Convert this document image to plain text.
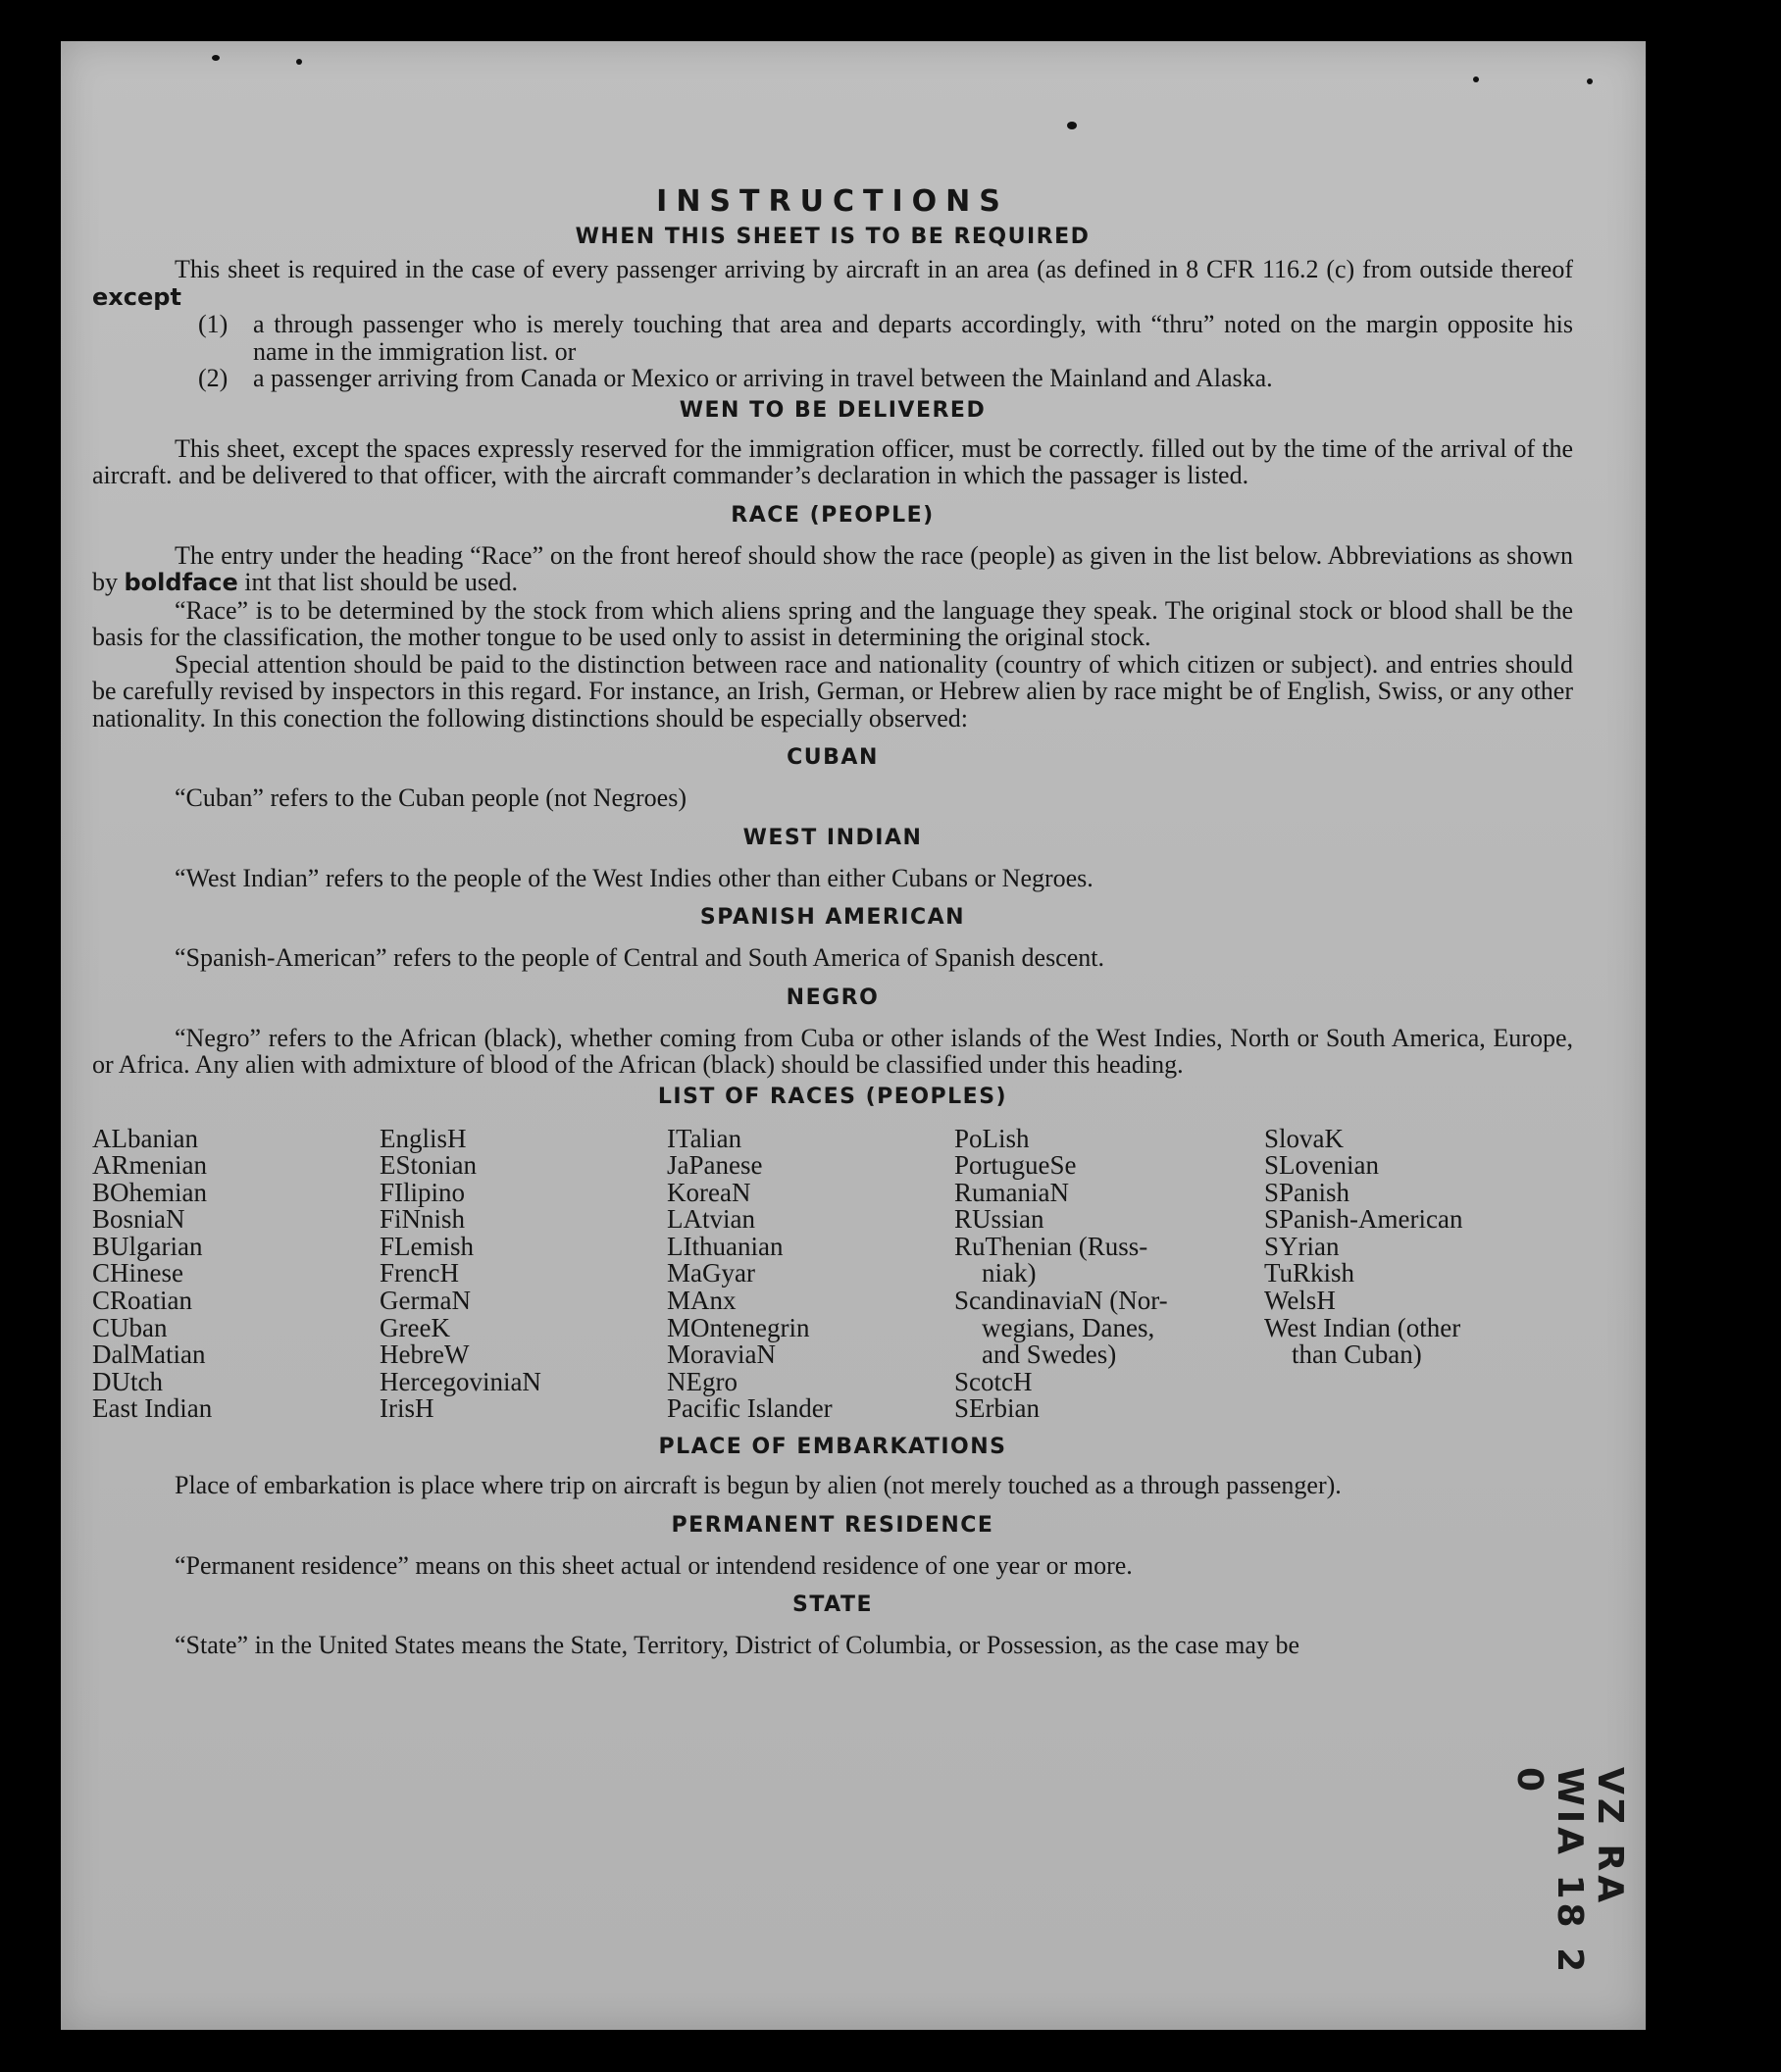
INSTRUCTIONS
WHEN THIS SHEET IS TO BE REQUIRED

This sheet is required in the case of every passenger arriving by aircraft in an area (as defined in 8 CFR 116.2 (c) from outside thereof except

(1) a through passenger who is merely touching that area and departs accordingly, with “thru” noted on the margin opposite his name in the immigration list. or
(2) a passenger arriving from Canada or Mexico or arriving in travel between the Mainland and Alaska.
WEN TO BE DELIVERED

This sheet, except the spaces expressly reserved for the immigration officer, must be correctly. filled out by the time of the arrival of the aircraft. and be delivered to that officer, with the aircraft commander’s declaration in which the passager is listed.

RACE (PEOPLE)

The entry under the heading “Race” on the front hereof should show the race (people) as given in the list below. Abbreviations as shown by boldface int that list should be used.

“Race” is to be determined by the stock from which aliens spring and the language they speak. The original stock or blood shall be the basis for the classification, the mother tongue to be used only to assist in determining the original stock.

Special attention should be paid to the distinction between race and nationality (country of which citizen or subject). and entries should be carefully revised by inspectors in this regard. For instance, an Irish, German, or Hebrew alien by race might be of English, Swiss, or any other nationality. In this conection the following distinctions should be especially observed:

CUBAN

“Cuban” refers to the Cuban people (not Negroes)

WEST INDIAN

“West Indian” refers to the people of the West Indies other than either Cubans or Negroes.

SPANISH AMERICAN

“Spanish-American” refers to the people of Central and South America of Spanish descent.

NEGRO

“Negro” refers to the African (black), whether coming from Cuba or other islands of the West Indies, North or South America, Europe, or Africa. Any alien with admixture of blood of the African (black) should be classified under this heading.

LIST OF RACES (PEOPLES)
ALbanian
ARmenian
BOhemian
BosniaN
BUlgarian
CHinese
CRoatian
CUban
DalMatian
DUtch
East Indian
EnglisH
EStonian
FIlipino
FiNnish
FLemish
FrencH
GermaN
GreeK
HebreW
HercegoviniaN
IrisH
ITalian
JaPanese
KoreaN
LAtvian
LIthuanian
MaGyar
MAnx
MOntenegrin
MoraviaN
NEgro
Pacific Islander
PoLish
PortugueSe
RumaniaN
RUssian
RuThenian (Russ-
niak)
ScandinaviaN (Nor-
wegians, Danes,
and Swedes)
ScotcH
SErbian
SlovaK
SLovenian
SPanish
SPanish-American
SYrian
TuRkish
WelsH
West Indian (other
than Cuban)
PLACE OF EMBARKATIONS

Place of embarkation is place where trip on aircraft is begun by alien (not merely touched as a through passenger).

PERMANENT RESIDENCE

“Permanent residence” means on this sheet actual or intendend residence of one year or more.

STATE

“State” in the United States means the State, Territory, District of Columbia, or Possession, as the case may be

VZ RA WIA 18 2 0
